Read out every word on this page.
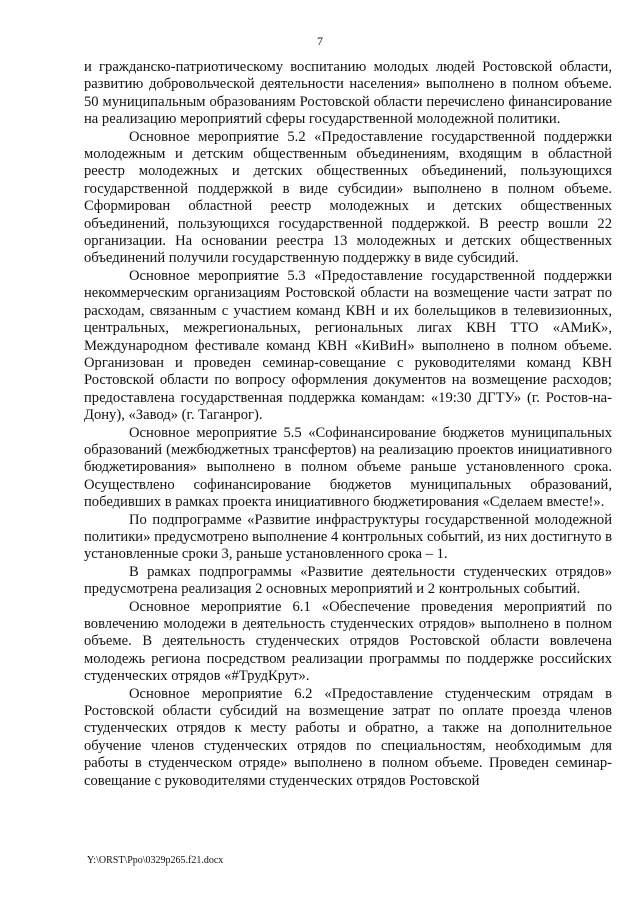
7

и гражданско-патриотическому воспитанию молодых людей Ростовской области, развитию добровольческой деятельности населения» выполнено в полном объеме. 50 муниципальным образованиям Ростовской области перечислено финансирование на реализацию мероприятий сферы государственной молодежной политики.

Основное мероприятие 5.2 «Предоставление государственной поддержки молодежным и детским общественным объединениям, входящим в областной реестр молодежных и детских общественных объединений, пользующихся государственной поддержкой в виде субсидии» выполнено в полном объеме. Сформирован областной реестр молодежных и детских общественных объединений, пользующихся государственной поддержкой. В реестр вошли 22 организации. На основании реестра 13 молодежных и детских общественных объединений получили государственную поддержку в виде субсидий.

Основное мероприятие 5.3 «Предоставление государственной поддержки некоммерческим организациям Ростовской области на возмещение части затрат по расходам, связанным с участием команд КВН и их болельщиков в телевизионных, центральных, межрегиональных, региональных лигах КВН ТТО «АМиК», Международном фестивале команд КВН «КиВиН» выполнено в полном объеме. Организован и проведен семинар-совещание с руководителями команд КВН Ростовской области по вопросу оформления документов на возмещение расходов; предоставлена государственная поддержка командам: «19:30 ДГТУ» (г. Ростов-на-Дону), «Завод» (г. Таганрог).

Основное мероприятие 5.5 «Софинансирование бюджетов муниципальных образований (межбюджетных трансфертов) на реализацию проектов инициативного бюджетирования» выполнено в полном объеме раньше установленного срока. Осуществлено софинансирование бюджетов муниципальных образований, победивших в рамках проекта инициативного бюджетирования «Сделаем вместе!».

По подпрограмме «Развитие инфраструктуры государственной молодежной политики» предусмотрено выполнение 4 контрольных событий, из них достигнуто в установленные сроки 3, раньше установленного срока – 1.

В рамках подпрограммы «Развитие деятельности студенческих отрядов» предусмотрена реализация 2 основных мероприятий и 2 контрольных событий.

Основное мероприятие 6.1 «Обеспечение проведения мероприятий по вовлечению молодежи в деятельность студенческих отрядов» выполнено в полном объеме. В деятельность студенческих отрядов Ростовской области вовлечена молодежь региона посредством реализации программы по поддержке российских студенческих отрядов «#ТрудКрут».

Основное мероприятие 6.2 «Предоставление студенческим отрядам в Ростовской области субсидий на возмещение затрат по оплате проезда членов студенческих отрядов к месту работы и обратно, а также на дополнительное обучение членов студенческих отрядов по специальностям, необходимым для работы в студенческом отряде» выполнено в полном объеме. Проведен семинар-совещание с руководителями студенческих отрядов Ростовской

Y:\ORST\Ppo\0329p265.f21.docx
